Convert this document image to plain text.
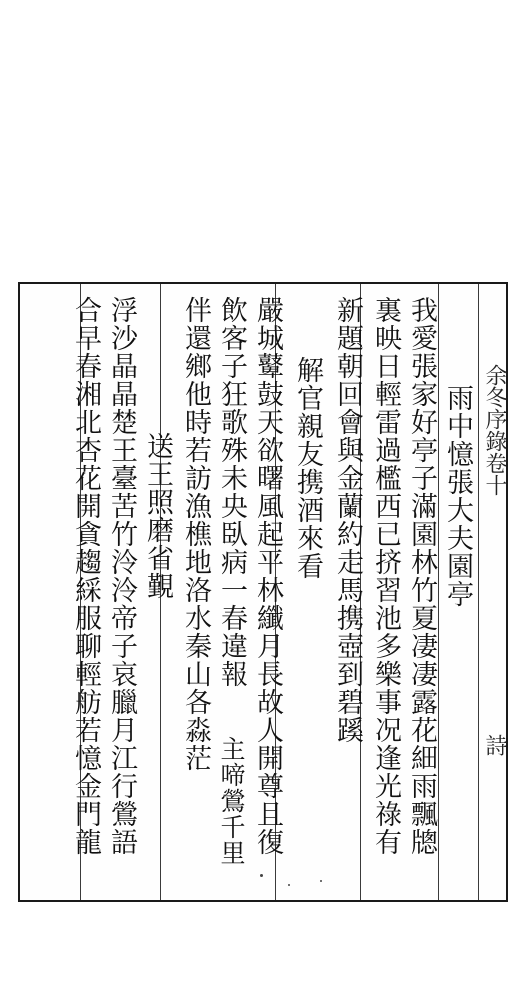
余冬序錄卷十
詩
雨中憶張大夫園亭
我愛張家好亭子滿園林竹夏凄凄露花細雨飄牕
裏映日輕雷過檻西已挤習池多樂事况逢光祿有
新題朝回會與金蘭約走馬携壺到碧蹊
解官親友携酒來看
嚴城鼙鼓天欲曙風起平林纖月長故人開尊且復
飲客子狂歌殊未央臥病一春違報
主啼鶯千里
伴還鄉他時若訪漁樵地洛水秦山各淼茫
送王照磨省覲
浮沙晶晶楚王臺苦竹泠泠帝子哀臘月江行鶯語
合早春湘北杏花開貪趨綵服聊輕舫若憶金門龍
